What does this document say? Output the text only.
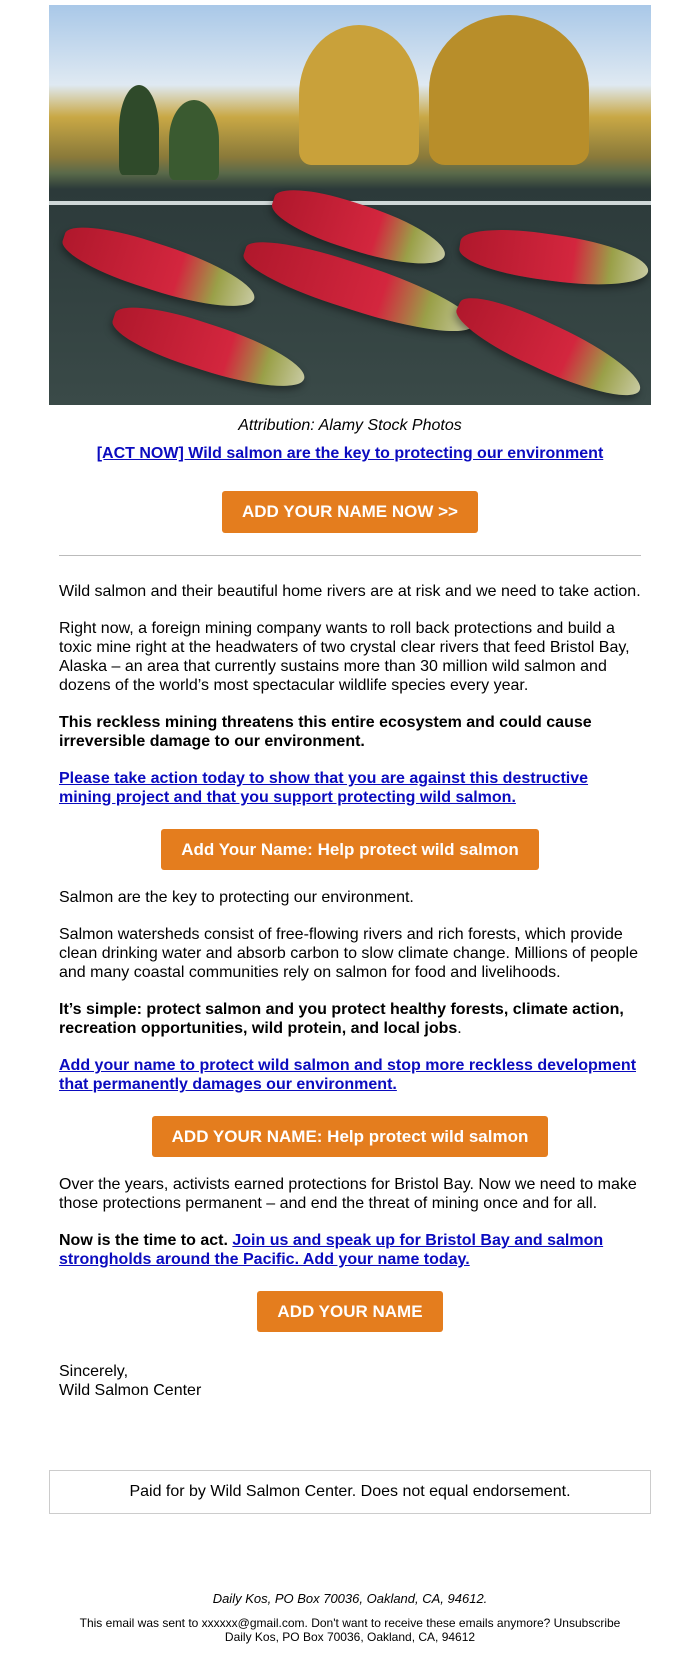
Attribution: Alamy Stock Photos
[ACT NOW] Wild salmon are the key to protecting our environment
ADD YOUR NAME NOW >>

Wild salmon and their beautiful home rivers are at risk and we need to take action.

Right now, a foreign mining company wants to roll back protections and build a toxic mine right at the headwaters of two crystal clear rivers that feed Bristol Bay, Alaska – an area that currently sustains more than 30 million wild salmon and dozens of the world’s most spectacular wildlife species every year.

This reckless mining threatens this entire ecosystem and could cause irreversible damage to our environment.

Please take action today to show that you are against this destructive mining project and that you support protecting wild salmon.

Add Your Name: Help protect wild salmon

Salmon are the key to protecting our environment.

Salmon watersheds consist of free-flowing rivers and rich forests, which provide clean drinking water and absorb carbon to slow climate change. Millions of people and many coastal communities rely on salmon for food and livelihoods.

It’s simple: protect salmon and you protect healthy forests, climate action, recreation opportunities, wild protein, and local jobs.

Add your name to protect wild salmon and stop more reckless development that permanently damages our environment.

ADD YOUR NAME: Help protect wild salmon

Over the years, activists earned protections for Bristol Bay. Now we need to make those protections permanent – and end the threat of mining once and for all.

Now is the time to act. Join us and speak up for Bristol Bay and salmon strongholds around the Pacific. Add your name today.

ADD YOUR NAME

Sincerely,
Wild Salmon Center

Paid for by Wild Salmon Center. Does not equal endorsement.
Daily Kos, PO Box 70036, Oakland, CA, 94612.
This email was sent to xxxxxx@gmail.com. Don't want to receive these emails anymore? Unsubscribe
Daily Kos, PO Box 70036, Oakland, CA, 94612
